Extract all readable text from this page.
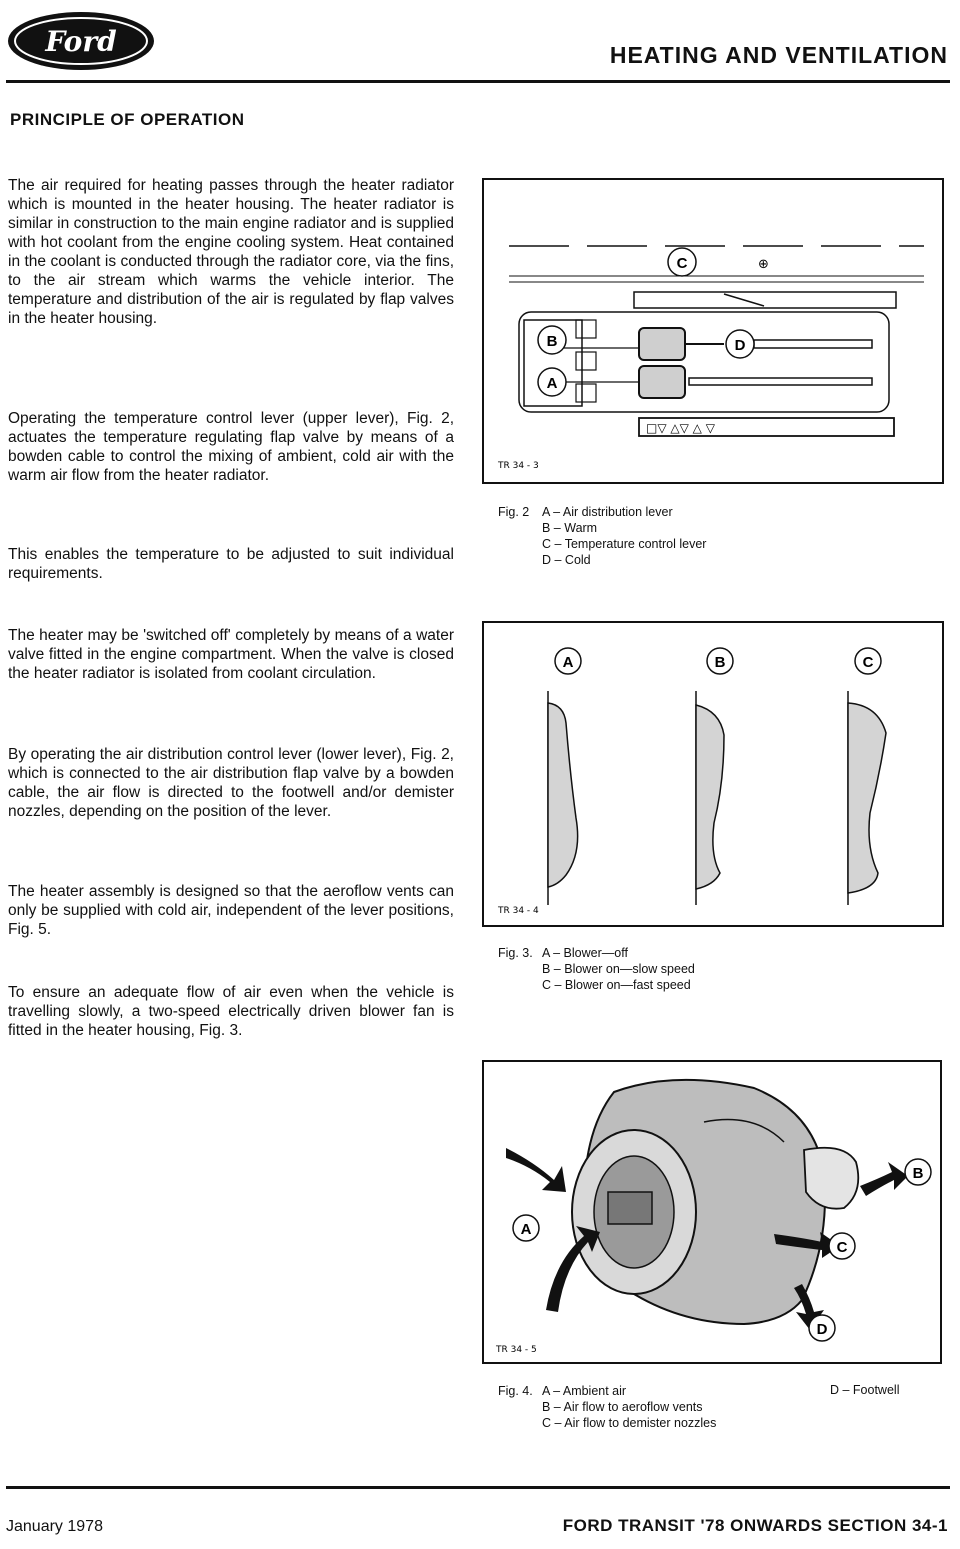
Ford	HEATING AND VENTILATION
PRINCIPLE OF OPERATION

The air required for heating passes through the heater radiator which is mounted in the heater housing. The heater radiator is similar in construction to the main engine radiator and is supplied with hot coolant from the engine cooling system. Heat contained in the coolant is conducted through the radiator core, via the fins, to the air stream which warms the vehicle interior. The temperature and distribution of the air is regulated by flap valves in the heater housing.

Operating the temperature control lever (upper lever), Fig. 2, actuates the temperature regulating flap valve by means of a bowden cable to control the mixing of ambient, cold air with the warm air flow from the heater radiator.

This enables the temperature to be adjusted to suit individual requirements.

The heater may be 'switched off' completely by means of a water valve fitted in the engine compartment. When the valve is closed the heater radiator is isolated from coolant circulation.

By operating the air distribution control lever (lower lever), Fig. 2, which is connected to the air distribution flap valve by a bowden cable, the air flow is directed to the footwell and/or demister nozzles, depending on the position of the lever.

The heater assembly is designed so that the aeroflow vents can only be supplied with cold air, independent of the lever positions, Fig. 5.

To ensure an adequate flow of air even when the vehicle is travelling slowly, a two-speed electrically driven blower fan is fitted in the heater housing, Fig. 3.

□▽ △▽ △ ▽
⊕
C
B	D
A
TR 34 - 3
Fig. 2 A – Air distribution lever
B – Warm
C – Temperature control lever
D – Cold
A	B	C
TR 34 - 4
Fig. 3. A – Blower—off
B – Blower on—slow speed
C – Blower on—fast speed
A
B
C
D
TR 34 - 5
Fig. 4. A – Ambient air
B – Air flow to aeroflow vents
C – Air flow to demister nozzles
D – Footwell
January 1978	FORD TRANSIT '78 ONWARDS SECTION 34-1
